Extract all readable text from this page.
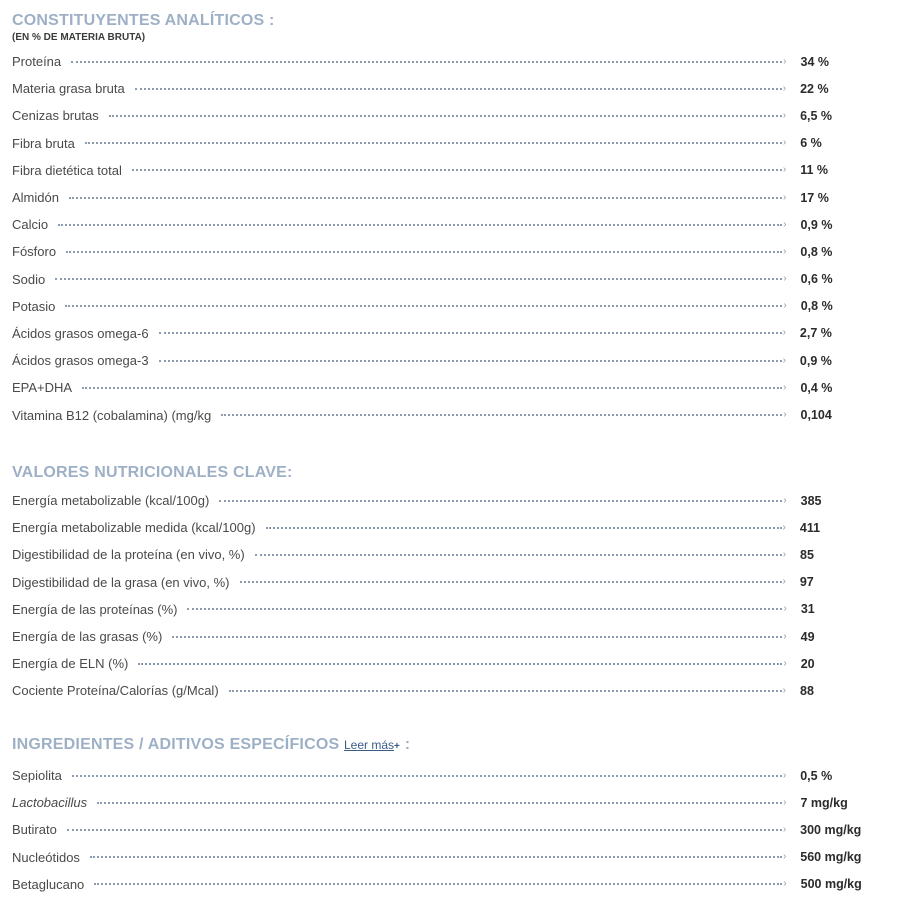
CONSTITUYENTES ANALÍTICOS :
(EN % DE MATERIA BRUTA)
Proteína	› 34 %
Materia grasa bruta	› 22 %
Cenizas brutas	› 6,5 %
Fibra bruta	› 6 %
Fibra dietética total	› 11 %
Almidón	› 17 %
Calcio	› 0,9 %
Fósforo	› 0,8 %
Sodio	› 0,6 %
Potasio	› 0,8 %
Ácidos grasos omega-6	› 2,7 %
Ácidos grasos omega-3	› 0,9 %
EPA+DHA	› 0,4 %
Vitamina B12 (cobalamina) (mg/kg	› 0,104
VALORES NUTRICIONALES CLAVE:
Energía metabolizable (kcal/100g)	› 385
Energía metabolizable medida (kcal/100g)	› 411
Digestibilidad de la proteína (en vivo, %)	› 85
Digestibilidad de la grasa (en vivo, %)	› 97
Energía de las proteínas (%)	› 31
Energía de las grasas (%)	› 49
Energía de ELN (%)	› 20
Cociente Proteína/Calorías (g/Mcal)	› 88
INGREDIENTES / ADITIVOS ESPECÍFICOS Leer más+ :
Sepiolita	› 0,5 %
Lactobacillus	› 7 mg/kg
Butirato	› 300 mg/kg
Nucleótidos	› 560 mg/kg
Betaglucano	› 500 mg/kg
